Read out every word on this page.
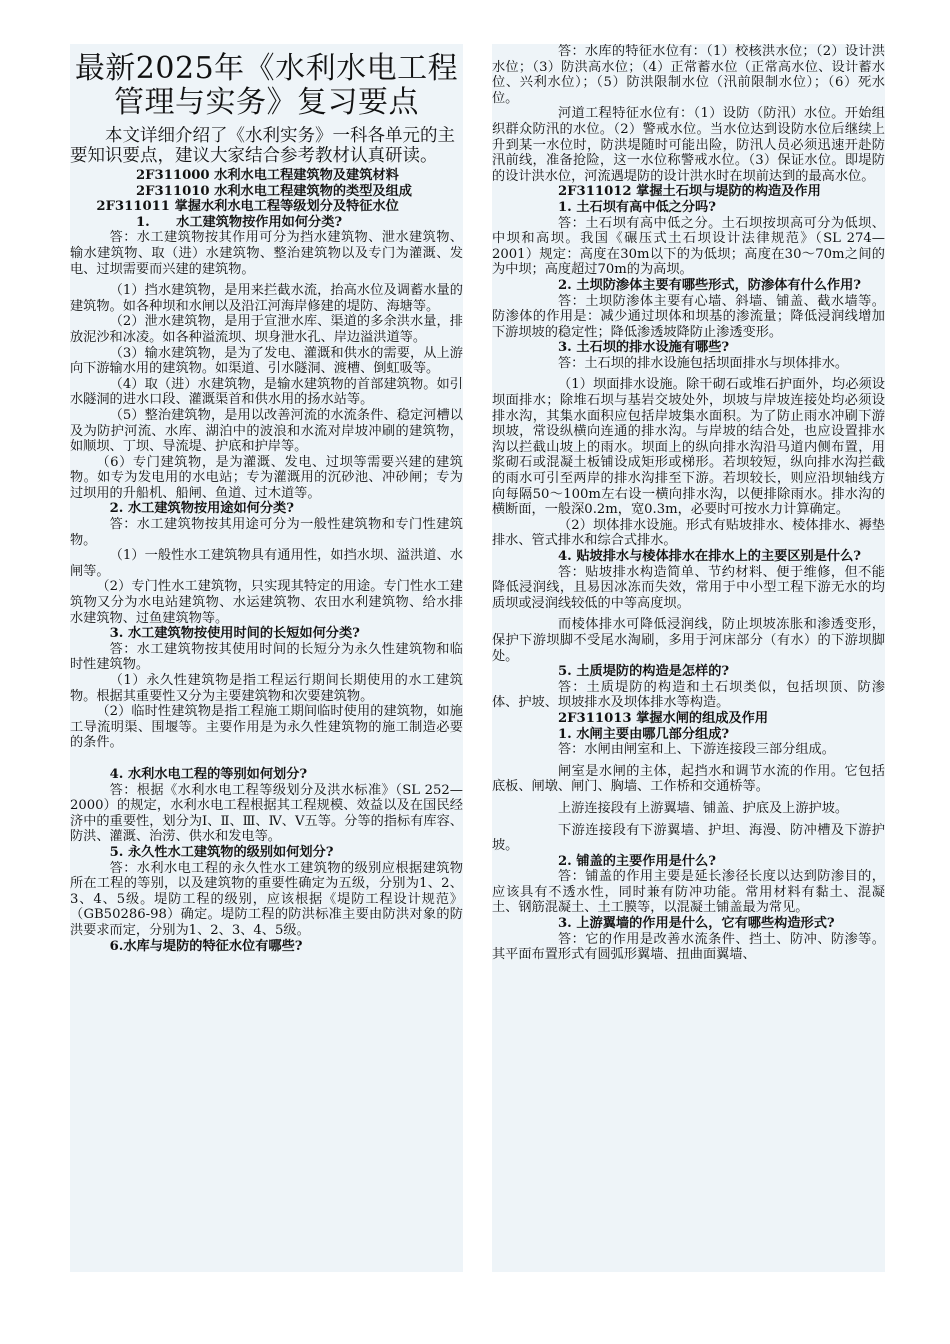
最新2025年《水利水电工程管理与实务》复习要点
本文详细介绍了《水利实务》一科各单元的主要知识要点，建议大家结合参考教材认真研读。

2F311000 水利水电工程建筑物及建筑材料

2F311010 水利水电工程建筑物的类型及组成

2F311011 掌握水利水电工程等级划分及特征水位

1.　　水工建筑物按作用如何分类?

答：水工建筑物按其作用可分为挡水建筑物、泄水建筑物、输水建筑物、取（进）水建筑物、整治建筑物以及专门为灌溉、发电、过坝需要而兴建的建筑物。

（1）挡水建筑物，是用来拦截水流，抬高水位及调蓄水量的建筑物。如各种坝和水闸以及沿江河海岸修建的堤防、海塘等。

（2）泄水建筑物，是用于宣泄水库、渠道的多余洪水量，排放泥沙和冰凌。如各种溢流坝、坝身泄水孔、岸边溢洪道等。

（3）输水建筑物，是为了发电、灌溉和供水的需要，从上游向下游输水用的建筑物。如渠道、引水隧洞、渡槽、倒虹吸等。

（4）取（进）水建筑物，是输水建筑物的首部建筑物。如引水隧洞的进水口段、灌溉渠首和供水用的扬水站等。

（5）整治建筑物，是用以改善河流的水流条件、稳定河槽以及为防护河流、水库、湖泊中的波浪和水流对岸坡冲刷的建筑物，如顺坝、丁坝、导流堤、护底和护岸等。

（6）专门建筑物，是为灌溉、发电、过坝等需要兴建的建筑物。如专为发电用的水电站；专为灌溉用的沉砂池、冲砂闸；专为过坝用的升船机、船闸、鱼道、过木道等。

2. 水工建筑物按用途如何分类?

答：水工建筑物按其用途可分为一般性建筑物和专门性建筑物。

（1）一般性水工建筑物具有通用性，如挡水坝、溢洪道、水闸等。

（2）专门性水工建筑物，只实现其特定的用途。专门性水工建筑物又分为水电站建筑物、水运建筑物、农田水利建筑物、给水排水建筑物、过鱼建筑物等。

3. 水工建筑物按使用时间的长短如何分类?

答：水工建筑物按其使用时间的长短分为永久性建筑物和临时性建筑物。

（1）永久性建筑物是指工程运行期间长期使用的水工建筑物。根据其重要性又分为主要建筑物和次要建筑物。

（2）临时性建筑物是指工程施工期间临时使用的建筑物，如施工导流明渠、围堰等。主要作用是为永久性建筑物的施工制造必要的条件。

4. 水利水电工程的等别如何划分?

答：根据《水利水电工程等级划分及洪水标准》（SL 252—2000）的规定，水利水电工程根据其工程规模、效益以及在国民经济中的重要性，划分为Ⅰ、Ⅱ、Ⅲ、Ⅳ、Ⅴ五等。分等的指标有库容、防洪、灌溉、治涝、供水和发电等。

5. 永久性水工建筑物的级别如何划分?

答：水利水电工程的永久性水工建筑物的级别应根据建筑物所在工程的等别，以及建筑物的重要性确定为五级，分别为1、2、3、4、5级。堤防工程的级别，应该根据《堤防工程设计规范》（GB50286-98）确定。堤防工程的防洪标准主要由防洪对象的防洪要求而定，分别为1、2、3、4、5级。

6.水库与堤防的特征水位有哪些?

答：水库的特征水位有：（1）校核洪水位；（2）设计洪水位；（3）防洪高水位；（4）正常蓄水位（正常高水位、设计蓄水位、兴利水位）；（5）防洪限制水位（汛前限制水位）；（6）死水位。

河道工程特征水位有：（1）设防（防汛）水位。开始组织群众防汛的水位。（2）警戒水位。当水位达到设防水位后继续上升到某一水位时，防洪堤随时可能出险，防汛人员必须迅速开赴防汛前线，准备抢险，这一水位称警戒水位。（3）保证水位。即堤防的设计洪水位，河流遇堤防的设计洪水时在坝前达到的最高水位。

2F311012 掌握土石坝与堤防的构造及作用

1. 土石坝有高中低之分吗?

答：土石坝有高中低之分。土石坝按坝高可分为低坝、中坝和高坝。我国《碾压式土石坝设计法律规范》（SL 274—2001）规定：高度在30m以下的为低坝；高度在30～70m之间的为中坝；高度超过70m的为高坝。

2. 土坝防渗体主要有哪些形式，防渗体有什么作用?

答：土坝防渗体主要有心墙、斜墙、铺盖、截水墙等。防渗体的作用是：减少通过坝体和坝基的渗流量；降低浸润线增加下游坝坡的稳定性；降低渗透坡降防止渗透变形。

3. 土石坝的排水设施有哪些?

答：土石坝的排水设施包括坝面排水与坝体排水。

（1）坝面排水设施。除干砌石或堆石护面外，均必须设坝面排水；除堆石坝与基岩交坡处外，坝坡与岸坡连接处均必须设排水沟，其集水面积应包括岸坡集水面积。为了防止雨水冲刷下游坝坡，常设纵横向连通的排水沟。与岸坡的结合处，也应设置排水沟以拦截山坡上的雨水。坝面上的纵向排水沟沿马道内侧布置，用浆砌石或混凝土板铺设成矩形或梯形。若坝较短，纵向排水沟拦截的雨水可引至两岸的排水沟排至下游。若坝较长，则应沿坝轴线方向每隔50～100m左右设一横向排水沟，以便排除雨水。排水沟的横断面，一般深0.2m，宽0.3m，必要时可按水力计算确定。

（2）坝体排水设施。形式有贴坡排水、棱体排水、褥垫排水、管式排水和综合式排水。

4. 贴坡排水与棱体排水在排水上的主要区别是什么?

答：贴坡排水构造简单、节约材料、便于维修，但不能降低浸润线，且易因冰冻而失效，常用于中小型工程下游无水的均质坝或浸润线较低的中等高度坝。

而棱体排水可降低浸润线，防止坝坡冻胀和渗透变形，保护下游坝脚不受尾水淘刷，多用于河床部分（有水）的下游坝脚处。

5. 土质堤防的构造是怎样的?

答：土质堤防的构造和土石坝类似，包括坝顶、防渗体、护坡、坝坡排水及坝体排水等构造。

2F311013 掌握水闸的组成及作用

1. 水闸主要由哪几部分组成?

答：水闸由闸室和上、下游连接段三部分组成。

闸室是水闸的主体，起挡水和调节水流的作用。它包括底板、闸墩、闸门、胸墙、工作桥和交通桥等。

上游连接段有上游翼墙、铺盖、护底及上游护坡。

下游连接段有下游翼墙、护坦、海漫、防冲槽及下游护坡。

2. 铺盖的主要作用是什么?

答：铺盖的作用主要是延长渗径长度以达到防渗目的，应该具有不透水性，同时兼有防冲功能。常用材料有黏土、混凝土、钢筋混凝土、土工膜等，以混凝土铺盖最为常见。

3. 上游翼墙的作用是什么，它有哪些构造形式?

答：它的作用是改善水流条件、挡土、防冲、防渗等。其平面布置形式有圆弧形翼墙、扭曲面翼墙、
